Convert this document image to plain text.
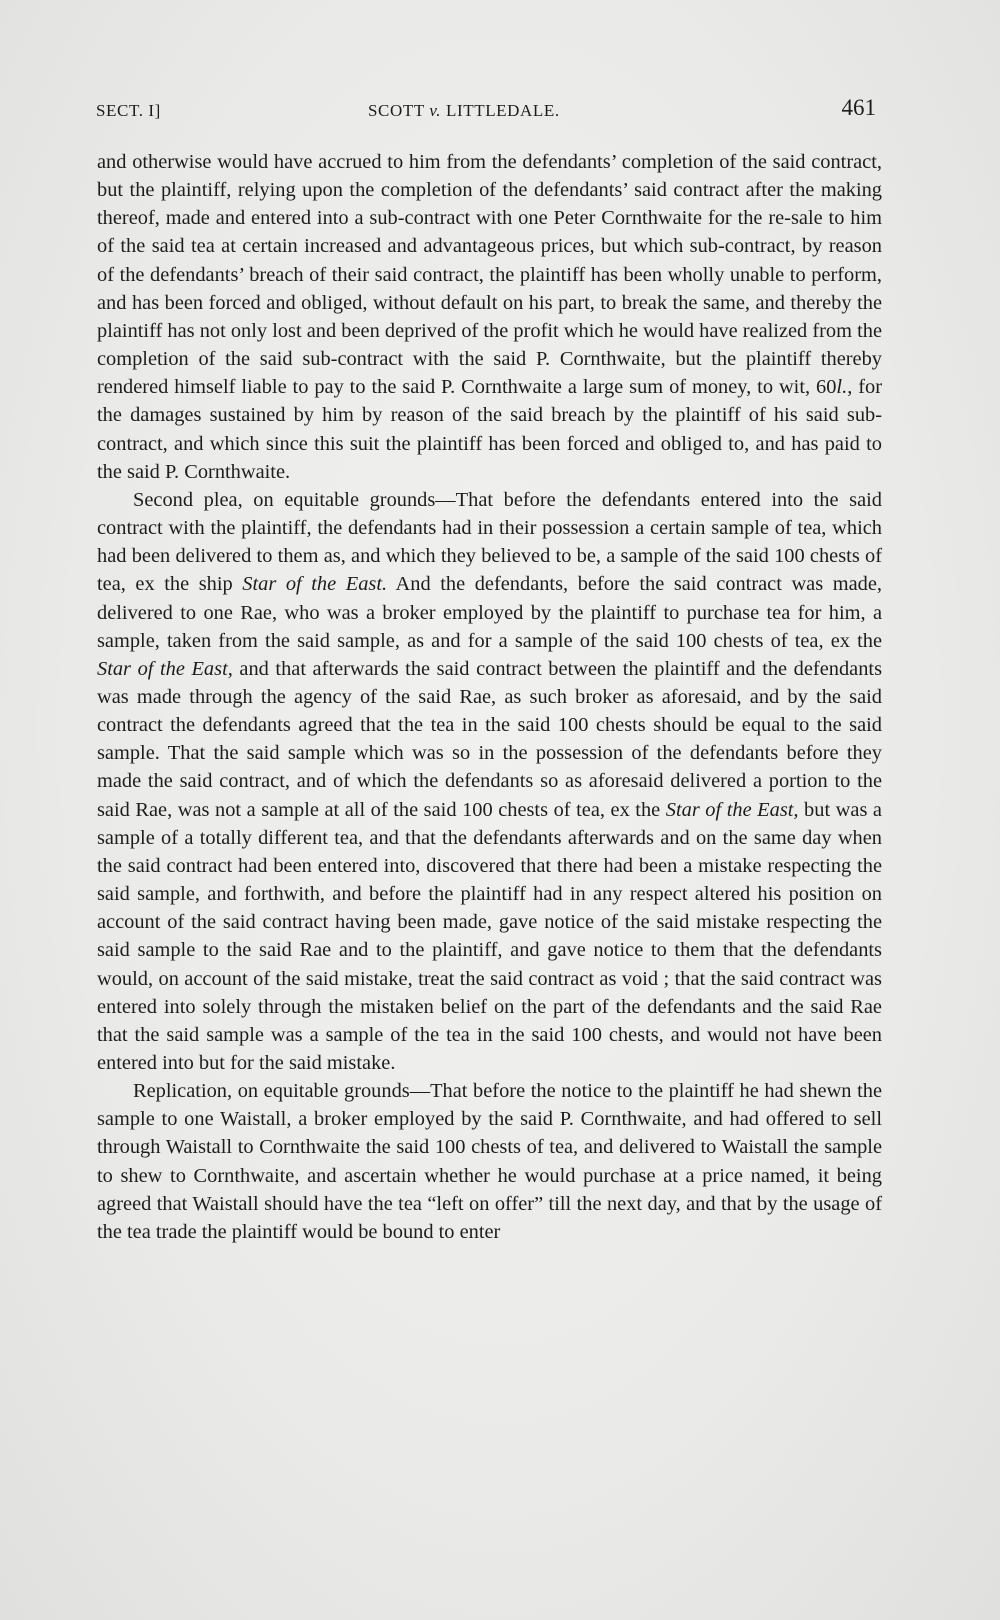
SECT. I]	SCOTT v. LITTLEDALE.	461

and otherwise would have accrued to him from the defendants’ completion of the said contract, but the plaintiff, relying upon the completion of the defendants’ said contract after the making thereof, made and entered into a sub-contract with one Peter Cornthwaite for the re-sale to him of the said tea at certain increased and advantageous prices, but which sub-contract, by reason of the defendants’ breach of their said contract, the plaintiff has been wholly unable to perform, and has been forced and obliged, without default on his part, to break the same, and thereby the plaintiff has not only lost and been deprived of the profit which he would have realized from the completion of the said sub-contract with the said P. Cornthwaite, but the plaintiff thereby rendered himself liable to pay to the said P. Cornthwaite a large sum of money, to wit, 60l., for the damages sustained by him by reason of the said breach by the plaintiff of his said sub-contract, and which since this suit the plaintiff has been forced and obliged to, and has paid to the said P. Cornthwaite.

Second plea, on equitable grounds—That before the defendants entered into the said contract with the plaintiff, the defendants had in their possession a certain sample of tea, which had been delivered to them as, and which they believed to be, a sample of the said 100 chests of tea, ex the ship Star of the East. And the defendants, before the said contract was made, delivered to one Rae, who was a broker employed by the plaintiff to purchase tea for him, a sample, taken from the said sample, as and for a sample of the said 100 chests of tea, ex the Star of the East, and that afterwards the said contract between the plaintiff and the defendants was made through the agency of the said Rae, as such broker as aforesaid, and by the said contract the defendants agreed that the tea in the said 100 chests should be equal to the said sample. That the said sample which was so in the possession of the defendants before they made the said contract, and of which the defendants so as aforesaid delivered a portion to the said Rae, was not a sample at all of the said 100 chests of tea, ex the Star of the East, but was a sample of a totally different tea, and that the defendants afterwards and on the same day when the said contract had been entered into, discovered that there had been a mistake respecting the said sample, and forthwith, and before the plaintiff had in any respect altered his position on account of the said contract having been made, gave notice of the said mistake respecting the said sample to the said Rae and to the plaintiff, and gave notice to them that the defendants would, on account of the said mistake, treat the said contract as void ; that the said contract was entered into solely through the mistaken belief on the part of the defendants and the said Rae that the said sample was a sample of the tea in the said 100 chests, and would not have been entered into but for the said mistake.

Replication, on equitable grounds—That before the notice to the plaintiff he had shewn the sample to one Waistall, a broker employed by the said P. Cornthwaite, and had offered to sell through Waistall to Cornthwaite the said 100 chests of tea, and delivered to Waistall the sample to shew to Cornthwaite, and ascertain whether he would purchase at a price named, it being agreed that Waistall should have the tea “left on offer” till the next day, and that by the usage of the tea trade the plaintiff would be bound to enter
